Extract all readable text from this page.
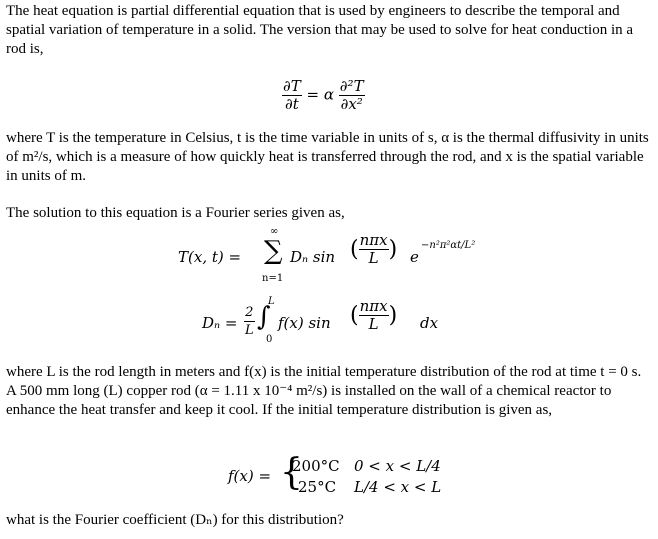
The heat equation is partial differential equation that is used by engineers to describe the temporal and spatial variation of temperature in a solid. The version that may be used to solve for heat conduction in a rod is,

$\frac{\partial T}{\partial t} = \alpha \frac{\text{∂²T}}{\text{∂x²}}$

where T is the temperature in Celsius, t is the time variable in units of s, α is the thermal diffusivity in units of m²/s, which is a measure of how quickly heat is transferred through the rod, and x is the spatial variable in units of m.

The solution to this equation is a Fourier series given as,

T(x, t) =
∞
∑
n=1
Dₙ sin ( $\frac{\text{nπx}}{L}$ ) e
−n²π²αt/L²
$D_n = \frac{2}{L}$
L
∫
0
f(x) sin ( $\frac{\text{nπx}}{L}$ ) dx

where L is the rod length in meters and f(x) is the initial temperature distribution of the rod at time t = 0 s. A 500 mm long (L) copper rod (α = 1.11 x 10⁻⁴ m²/s) is installed on the wall of a chemical reactor to enhance the heat transfer and keep it cool. If the initial temperature distribution is given as,

f(x) = {
200°C 0 < x < L/4
25°C L/4 < x < L

what is the Fourier coefficient (Dₙ) for this distribution?
